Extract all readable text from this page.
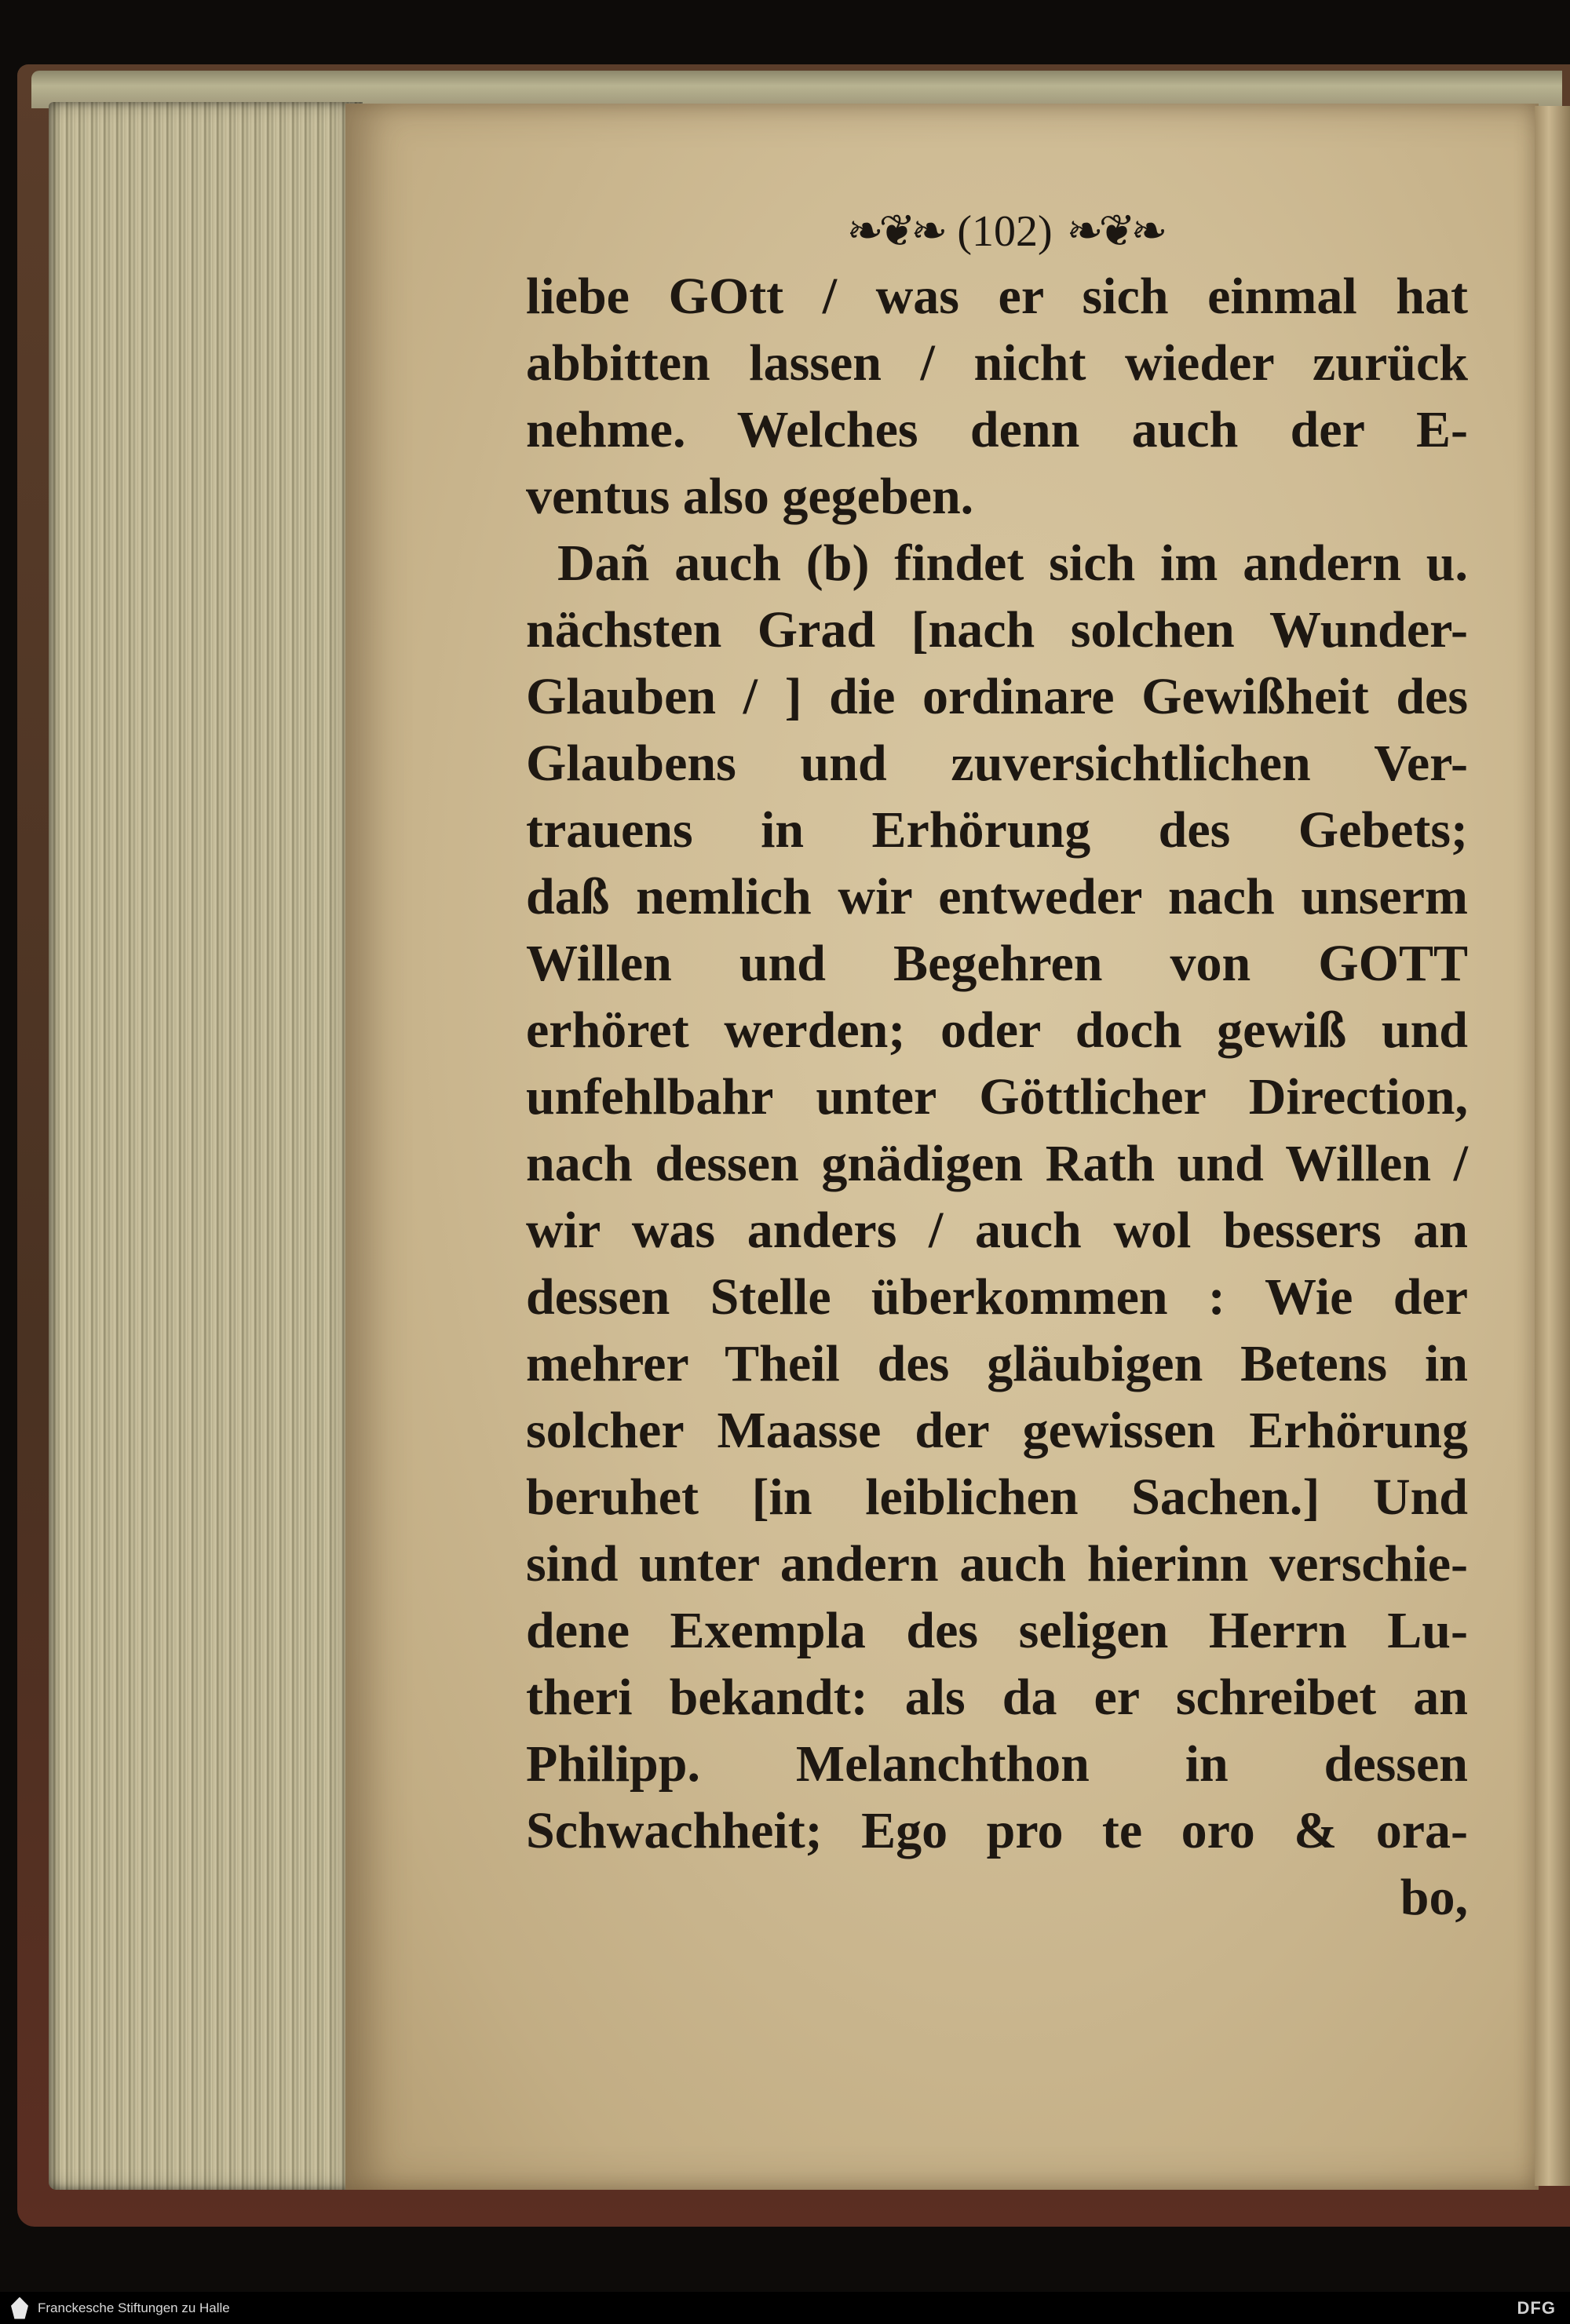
❧❦❧ (102) ❧❦❧
liebe GOtt / was er sich einmal hat
abbitten lassen / nicht wieder zurück
nehme. Welches denn auch der E-
ventus also gegeben.
Dañ auch (b) findet sich im andern u.
nächsten Grad [nach solchen Wunder-
Glauben / ] die ordinare Gewißheit des
Glaubens und zuversichtlichen Ver-
trauens in Erhörung des Gebets;
daß nemlich wir entweder nach unserm
Willen und Begehren von GOTT
erhöret werden; oder doch gewiß und
unfehlbahr unter Göttlicher Direction,
nach dessen gnädigen Rath und Willen /
wir was anders / auch wol bessers an
dessen Stelle überkommen : Wie der
mehrer Theil des gläubigen Betens in
solcher Maasse der gewissen Erhörung
beruhet [in leiblichen Sachen.] Und
sind unter andern auch hierinn verschie-
dene Exempla des seligen Herrn Lu-
theri bekandt: als da er schreibet an
Philipp. Melanchthon in dessen
Schwachheit; Ego pro te oro & ora-
bo,
Franckesche Stiftungen zu Halle	DFG
